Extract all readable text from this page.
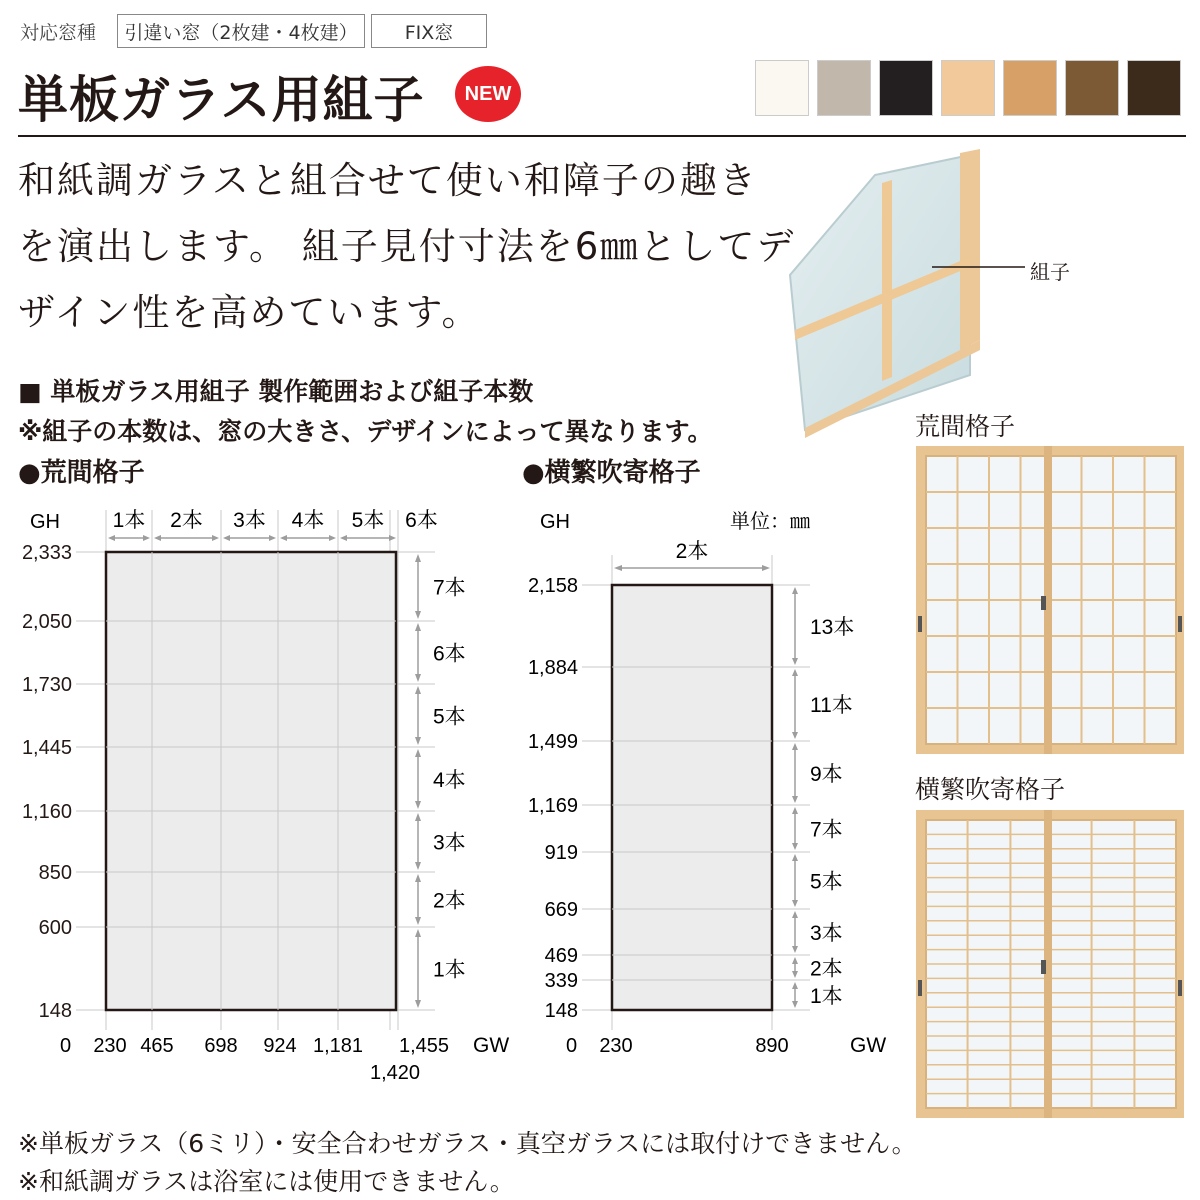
対応窓種	引違い窓（2枚建・4枚建）	FIX窓
単板ガラス用組子	NEW
和紙調ガラスと組合せて使い和障子の趣き
を演出します。 組子見付寸法を6㎜としてデ
ザイン性を高めています。
組子
■ 単板ガラス用組子 製作範囲および組子本数
※組子の本数は、窓の大きさ、デザインによって異なります。
●荒間格子	●横繁吹寄格子
2,333
2,050
1,730
1,445
1,160
850
600
148
GH
GW
0 230 465 698 924 1,181 1,455
1,420
1本 2本 3本 4本 5本 6本
7本
6本
5本
4本
3本
2本
1本
2,158
1,884
1,499
1,169
919
669
469
339
148
GH
GW
0
単位：㎜
230	890
2本
13本
11本
9本
7本
5本
3本
2本
1本
荒間格子
横繁吹寄格子
※単板ガラス（6ミリ）・安全合わせガラス・真空ガラスには取付けできません。
※和紙調ガラスは浴室には使用できません。
